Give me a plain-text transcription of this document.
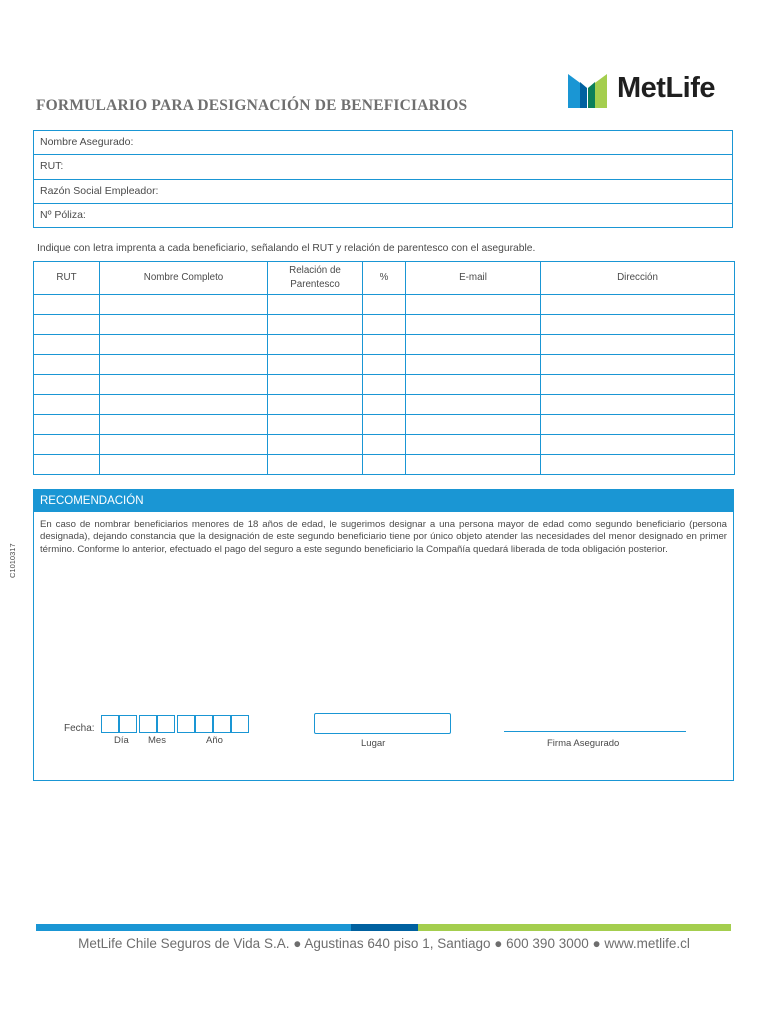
FORMULARIO PARA DESIGNACIÓN DE BENEFICIARIOS
MetLife
Nombre Asegurado:
RUT:
Razón Social Empleador:
Nº Póliza:
Indique con letra imprenta a cada beneficiario, señalando el RUT y relación de parentesco con el asegurable.
RUT	Nombre Completo	Relación de Parentesco	%	E-mail	Dirección

RECOMENDACIÓN
En caso de nombrar beneficiarios menores de 18 años de edad, le sugerimos designar a una persona mayor de edad como segundo beneficiario (persona designada), dejando constancia que la designación de este segundo beneficiario tiene por único objeto atender las necesidades del menor designado en primer término. Conforme lo anterior, efectuado el pago del seguro a este segundo beneficiario la Compañía quedará liberada de toda obligación posterior.
Fecha:
Día Mes	Año	Lugar	Firma Asegurado
C1010317
MetLife Chile Seguros de Vida S.A. ● Agustinas 640 piso 1, Santiago ● 600 390 3000 ● www.metlife.cl
